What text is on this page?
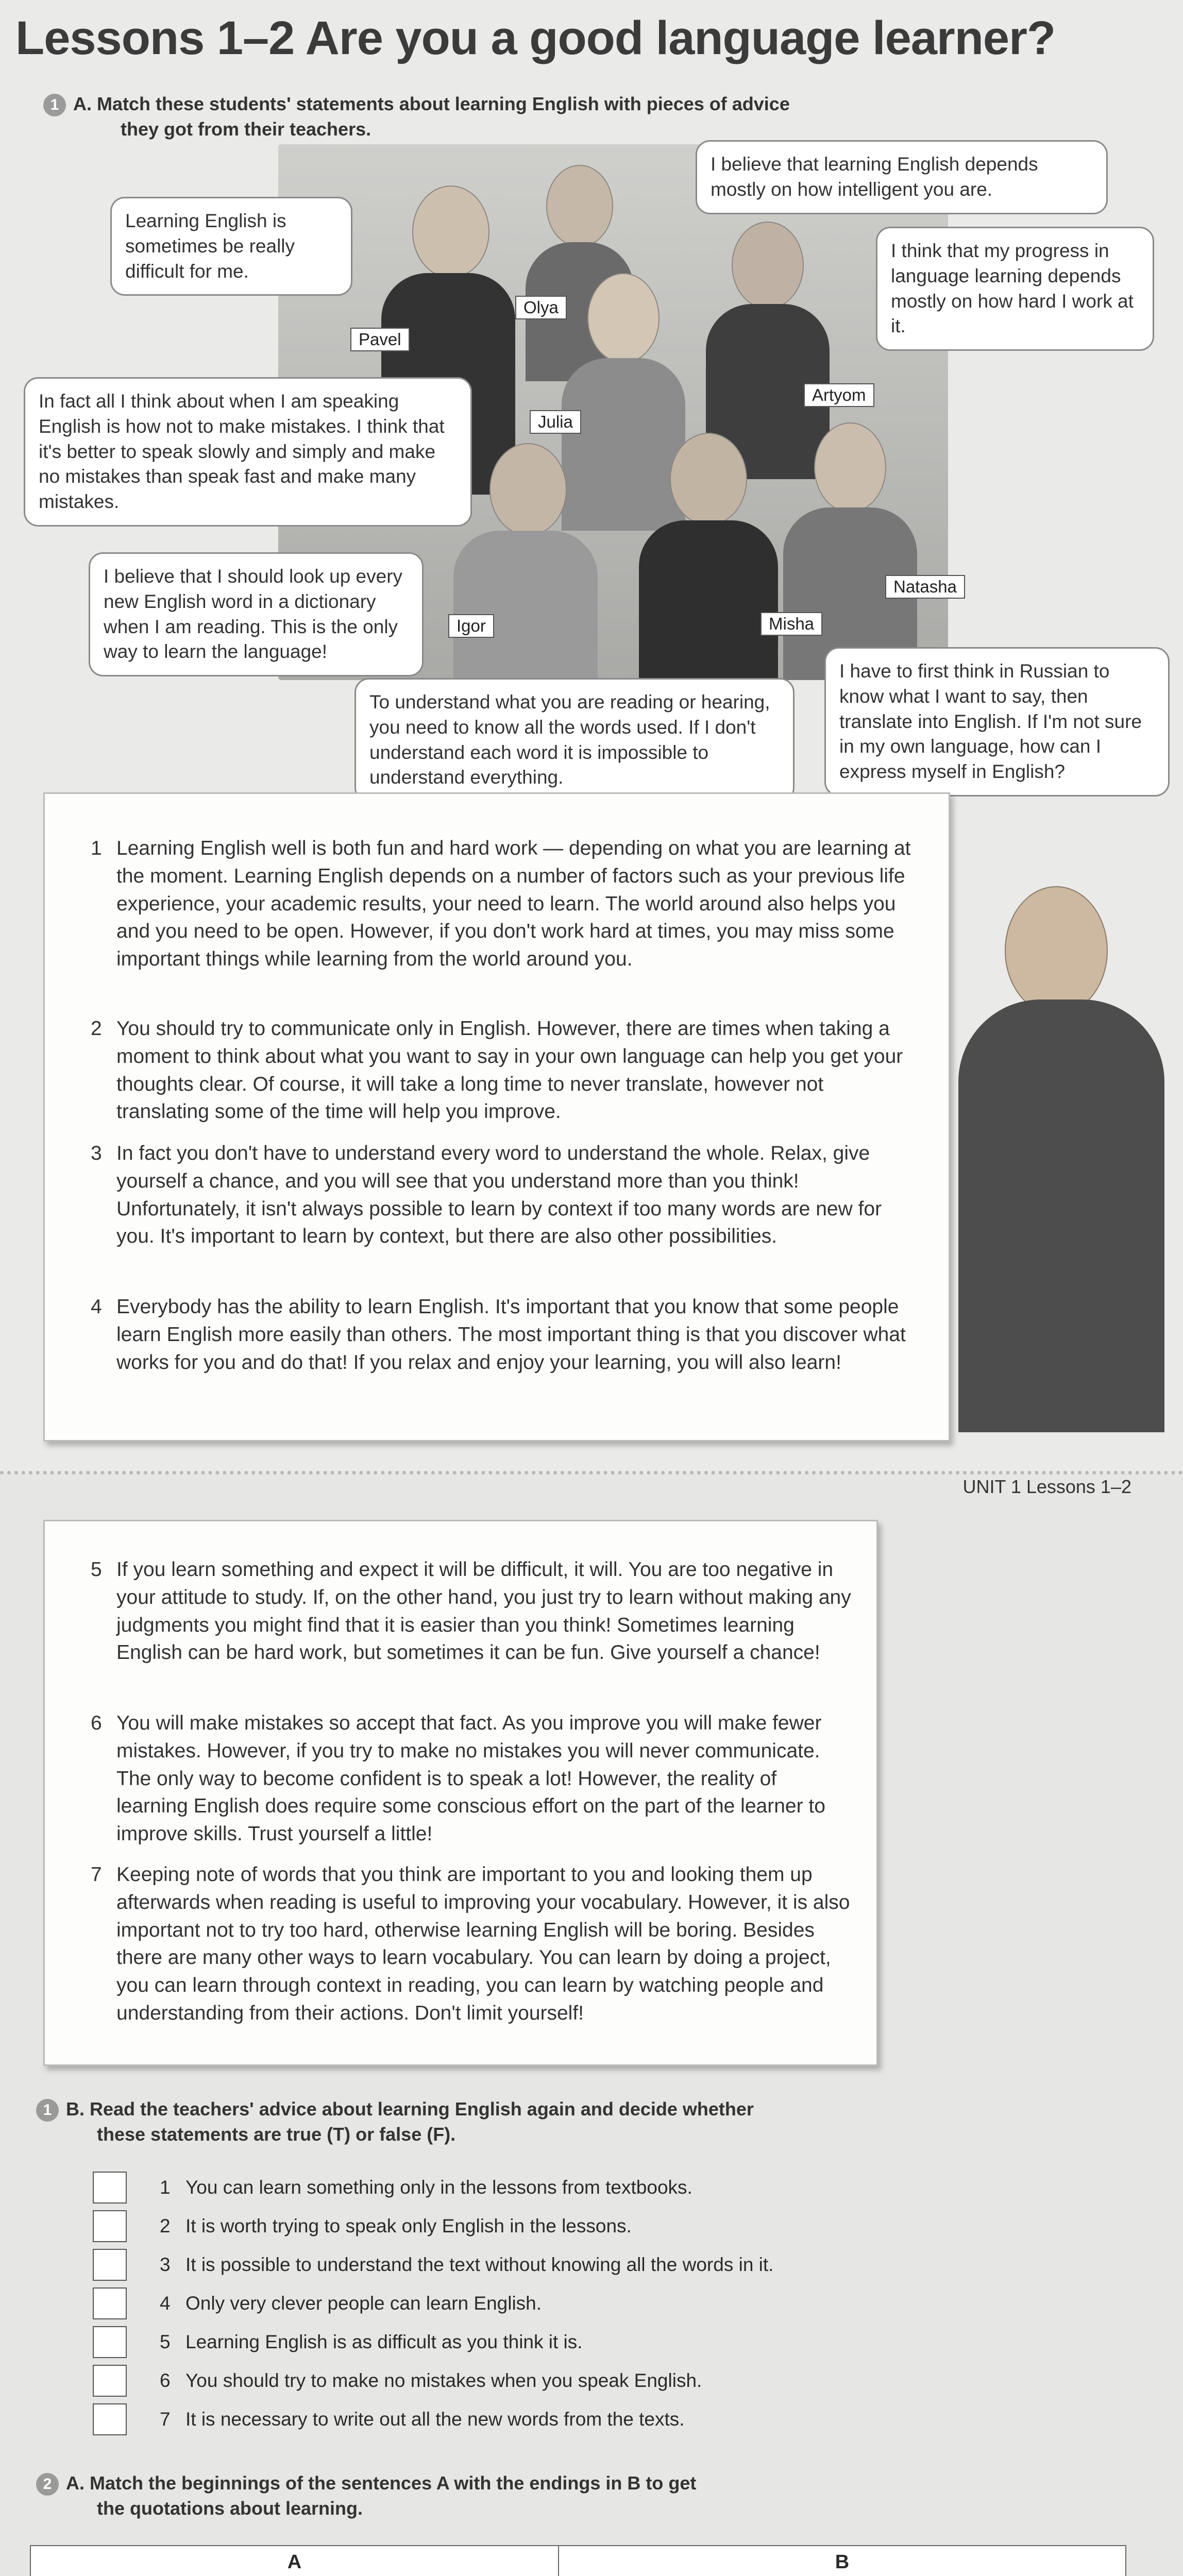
Lessons 1–2 Are you a good language learner?
1 A. Match these students' statements about learning English with pieces of advice
they got from their teachers.
Pavel
Olya
Artyom
Julia
Igor	Misha
Natasha
Learning English is sometimes be really difficult for me.
I believe that learning English depends mostly on how intelligent you are.
I think that my progress in language learning depends mostly on how hard I work at it.
In fact all I think about when I am speaking English is how not to make mistakes. I think that it's better to speak slowly and simply and make no mistakes than speak fast and make many mistakes.
I believe that I should look up every new English word in a dictionary when I am reading. This is the only way to learn the language!
To understand what you are reading or hearing, you need to know all the words used. If I don't understand each word it is impossible to understand everything.
I have to first think in Russian to know what I want to say, then translate into English. If I'm not sure in my own language, how can I express myself in English?
1 Learning English well is both fun and hard work — depending on what you are learning at the moment. Learning English depends on a number of factors such as your previous life experience, your academic results, your need to learn. The world around also helps you and you need to be open. However, if you don't work hard at times, you may miss some important things while learning from the world around you.
2 You should try to communicate only in English. However, there are times when taking a moment to think about what you want to say in your own language can help you get your thoughts clear. Of course, it will take a long time to never translate, however not translating some of the time will help you improve.
3 In fact you don't have to understand every word to understand the whole. Relax, give yourself a chance, and you will see that you understand more than you think! Unfortunately, it isn't always possible to learn by context if too many words are new for you. It's important to learn by context, but there are also other possibilities.
4 Everybody has the ability to learn English. It's important that you know that some people learn English more easily than others. The most important thing is that you discover what works for you and do that! If you relax and enjoy your learning, you will also learn!
UNIT 1 Lessons 1–2
5 If you learn something and expect it will be difficult, it will. You are too negative in your attitude to study. If, on the other hand, you just try to learn without making any judgments you might find that it is easier than you think! Sometimes learning English can be hard work, but sometimes it can be fun. Give yourself a chance!
6 You will make mistakes so accept that fact. As you improve you will make fewer mistakes. However, if you try to make no mistakes you will never communicate. The only way to become confident is to speak a lot! However, the reality of learning English does require some conscious effort on the part of the learner to improve skills. Trust yourself a little!
7 Keeping note of words that you think are important to you and looking them up afterwards when reading is useful to improving your vocabulary. However, it is also important not to try too hard, otherwise learning English will be boring. Besides there are many other ways to learn vocabulary. You can learn by doing a project, you can learn through context in reading, you can learn by watching people and understanding from their actions. Don't limit yourself!
1 B. Read the teachers' advice about learning English again and decide whether
these statements are true (T) or false (F).
1 You can learn something only in the lessons from textbooks.
2 It is worth trying to speak only English in the lessons.
3 It is possible to understand the text without knowing all the words in it.
4 Only very clever people can learn English.
5 Learning English is as difficult as you think it is.
6 You should try to make no mistakes when you speak English.
7 It is necessary to write out all the new words from the texts.
2 A. Match the beginnings of the sentences A with the endings in B to get
the quotations about learning.
A	B
